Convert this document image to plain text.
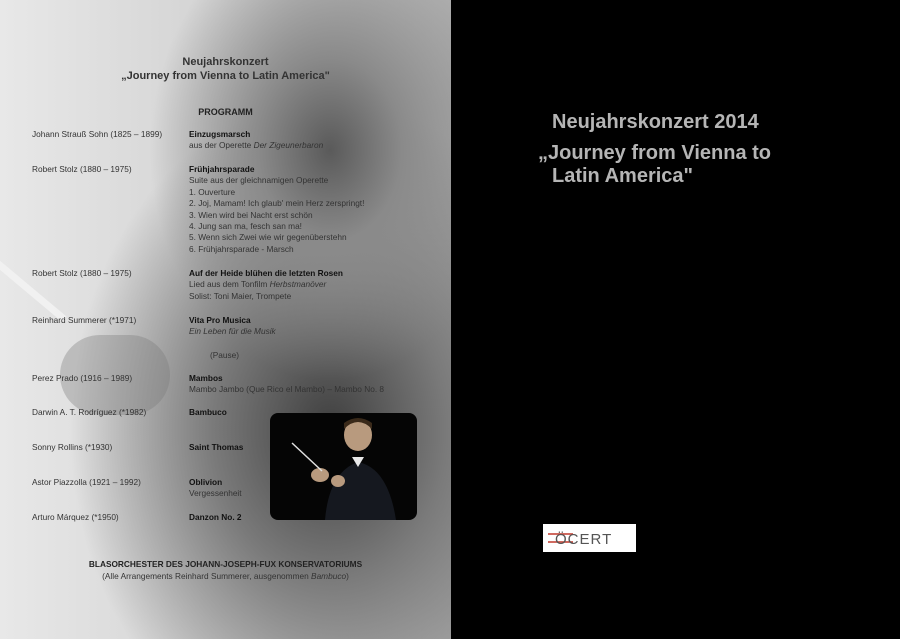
Neujahrskonzert
„Journey from Vienna to Latin America"
PROGRAMM
Johann Strauß Sohn (1825 – 1899)	Einzugsmarsch
aus der Operette Der Zigeunerbaron
Robert Stolz (1880 – 1975)	Frühjahrsparade
Suite aus der gleichnamigen Operette
1. Ouverture
2. Joj, Mamam! Ich glaub' mein Herz zerspringt!
3. Wien wird bei Nacht erst schön
4. Jung san ma, fesch san ma!
5. Wenn sich Zwei wie wir gegenüberstehn
6. Frühjahrsparade - Marsch
Robert Stolz (1880 – 1975)	Auf der Heide blühen die letzten Rosen
Lied aus dem Tonfilm Herbstmanöver
Solist: Toni Maier, Trompete
Reinhard Summerer (*1971)	Vita Pro Musica
Ein Leben für die Musik
(Pause)
Perez Prado (1916 – 1989)	Mambos
Mambo Jambo (Que Rico el Mambo) – Mambo No. 8
Darwin A. T. Rodríguez (*1982)	Bambuco
Sonny Rollins (*1930)	Saint Thomas
Astor Piazzolla (1921 – 1992)	Oblivion
Vergessenheit
Arturo Márquez (*1950)	Danzon No. 2
BLASORCHESTER DES JOHANN-JOSEPH-FUX KONSERVATORIUMS
(Alle Arrangements Reinhard Summerer, ausgenommen Bambuco)
Neujahrskonzert 2014
„Journey from Vienna to
Latin America"
ÖCERT
